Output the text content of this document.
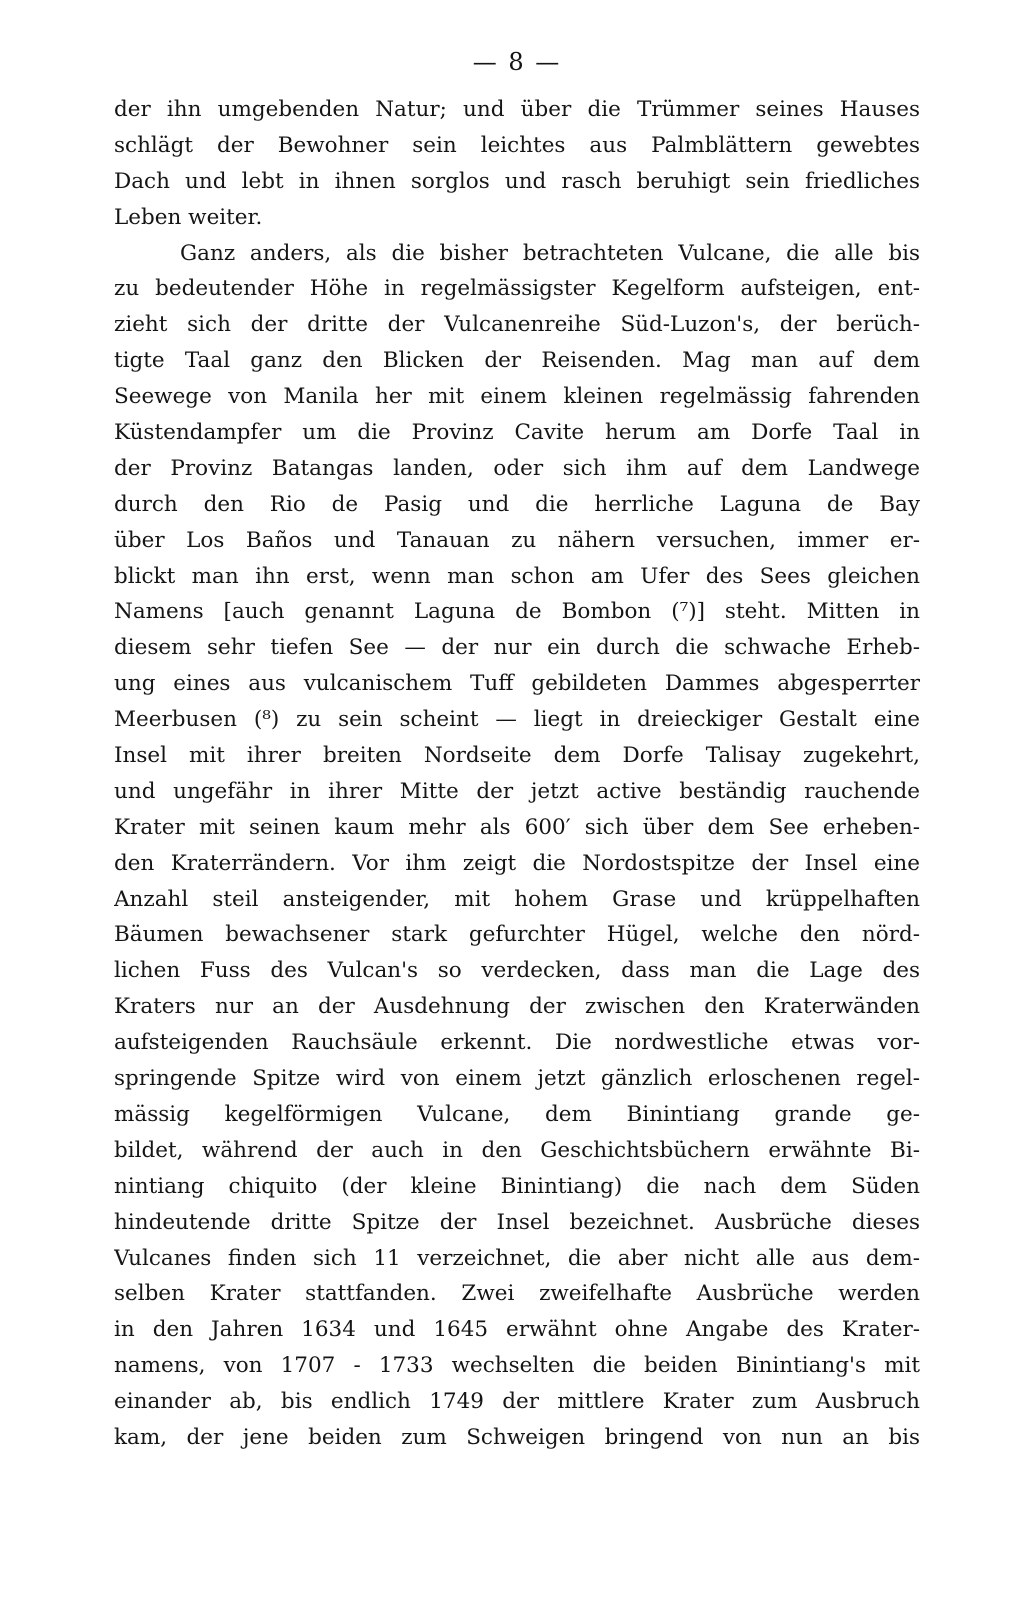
— 8 —
der ihn umgebenden Natur; und über die Trümmer seines Hauses
schlägt der Bewohner sein leichtes aus Palmblättern gewebtes
Dach und lebt in ihnen sorglos und rasch beruhigt sein friedliches
Leben weiter.
Ganz anders, als die bisher betrachteten Vulcane, die alle bis
zu bedeutender Höhe in regelmässigster Kegelform aufsteigen, ent-
zieht sich der dritte der Vulcanenreihe Süd-Luzon's, der berüch-
tigte Taal ganz den Blicken der Reisenden. Mag man auf dem
Seewege von Manila her mit einem kleinen regelmässig fahrenden
Küstendampfer um die Provinz Cavite herum am Dorfe Taal in
der Provinz Batangas landen, oder sich ihm auf dem Landwege
durch den Rio de Pasig und die herrliche Laguna de Bay
über Los Baños und Tanauan zu nähern versuchen, immer er-
blickt man ihn erst, wenn man schon am Ufer des Sees gleichen
Namens [auch genannt Laguna de Bombon (⁷)] steht. Mitten in
diesem sehr tiefen See — der nur ein durch die schwache Erheb-
ung eines aus vulcanischem Tuff gebildeten Dammes abgesperrter
Meerbusen (⁸) zu sein scheint — liegt in dreieckiger Gestalt eine
Insel mit ihrer breiten Nordseite dem Dorfe Talisay zugekehrt,
und ungefähr in ihrer Mitte der jetzt active beständig rauchende
Krater mit seinen kaum mehr als 600′ sich über dem See erheben-
den Kraterrändern. Vor ihm zeigt die Nordostspitze der Insel eine
Anzahl steil ansteigender, mit hohem Grase und krüppelhaften
Bäumen bewachsener stark gefurchter Hügel, welche den nörd-
lichen Fuss des Vulcan's so verdecken, dass man die Lage des
Kraters nur an der Ausdehnung der zwischen den Kraterwänden
aufsteigenden Rauchsäule erkennt. Die nordwestliche etwas vor-
springende Spitze wird von einem jetzt gänzlich erloschenen regel-
mässig kegelförmigen Vulcane, dem Binintiang grande ge-
bildet, während der auch in den Geschichtsbüchern erwähnte Bi-
nintiang chiquito (der kleine Binintiang) die nach dem Süden
hindeutende dritte Spitze der Insel bezeichnet. Ausbrüche dieses
Vulcanes finden sich 11 verzeichnet, die aber nicht alle aus dem-
selben Krater stattfanden. Zwei zweifelhafte Ausbrüche werden
in den Jahren 1634 und 1645 erwähnt ohne Angabe des Krater-
namens, von 1707 - 1733 wechselten die beiden Binintiang's mit
einander ab, bis endlich 1749 der mittlere Krater zum Ausbruch
kam, der jene beiden zum Schweigen bringend von nun an bis
